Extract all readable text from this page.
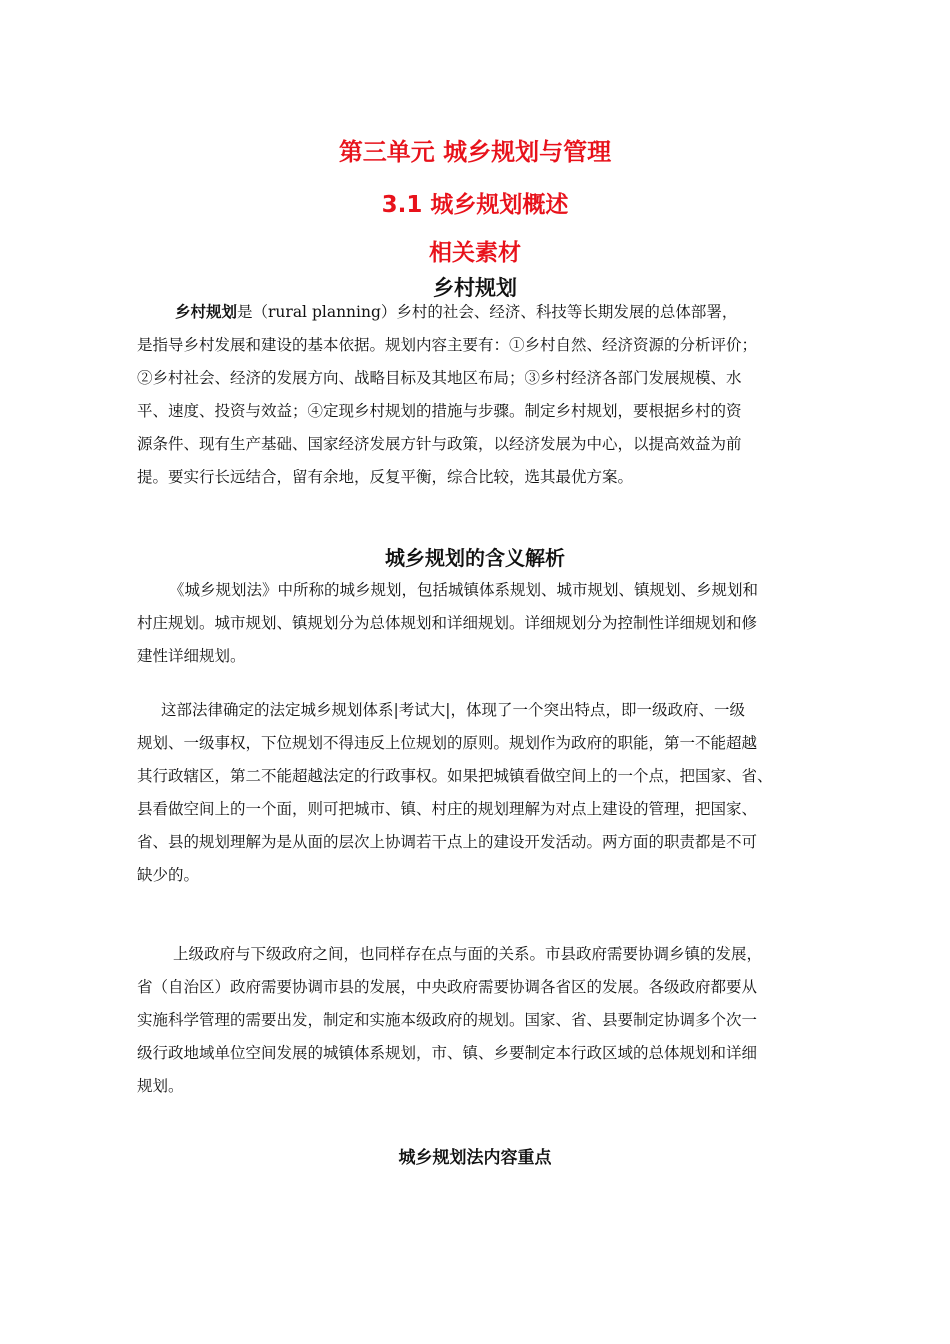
第三单元 城乡规划与管理
3.1 城乡规划概述
相关素材
乡村规划
乡村规划是（rural planning）乡村的社会、经济、科技等长期发展的总体部署，
是指导乡村发展和建设的基本依据。规划内容主要有：①乡村自然、经济资源的分析评价；
②乡村社会、经济的发展方向、战略目标及其地区布局；③乡村经济各部门发展规模、水
平、速度、投资与效益；④定现乡村规划的措施与步骤。制定乡村规划，要根据乡村的资
源条件、现有生产基础、国家经济发展方针与政策，以经济发展为中心，以提高效益为前
提。要实行长远结合，留有余地，反复平衡，综合比较，选其最优方案。
城乡规划的含义解析
《城乡规划法》中所称的城乡规划，包括城镇体系规划、城市规划、镇规划、乡规划和
村庄规划。城市规划、镇规划分为总体规划和详细规划。详细规划分为控制性详细规划和修
建性详细规划。
这部法律确定的法定城乡规划体系|考试大|，体现了一个突出特点，即一级政府、一级
规划、一级事权，下位规划不得违反上位规划的原则。规划作为政府的职能，第一不能超越
其行政辖区，第二不能超越法定的行政事权。如果把城镇看做空间上的一个点，把国家、省、
县看做空间上的一个面，则可把城市、镇、村庄的规划理解为对点上建设的管理，把国家、
省、县的规划理解为是从面的层次上协调若干点上的建设开发活动。两方面的职责都是不可
缺少的。
上级政府与下级政府之间，也同样存在点与面的关系。市县政府需要协调乡镇的发展，
省（自治区）政府需要协调市县的发展，中央政府需要协调各省区的发展。各级政府都要从
实施科学管理的需要出发，制定和实施本级政府的规划。国家、省、县要制定协调多个次一
级行政地域单位空间发展的城镇体系规划，市、镇、乡要制定本行政区域的总体规划和详细
规划。
城乡规划法内容重点
